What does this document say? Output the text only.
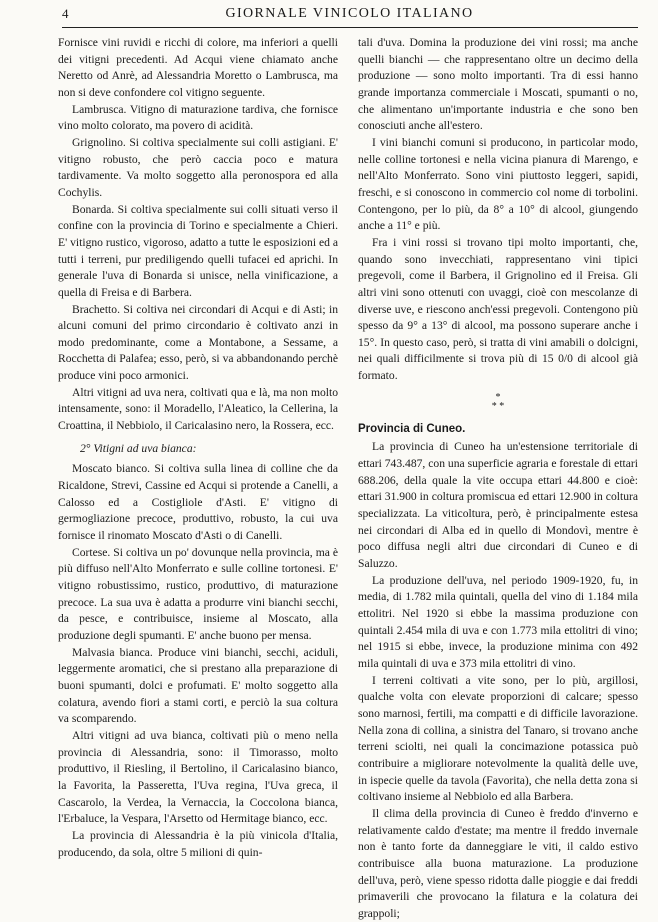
4	GIORNALE VINICOLO ITALIANO

Fornisce vini ruvidi e ricchi di colore, ma inferiori a quelli dei vitigni precedenti. Ad Acqui viene chiamato anche Neretto od Anrè, ad Alessandria Moretto o Lambrusca, ma non si deve confondere col vitigno seguente.

Lambrusca. Vitigno di maturazione tardiva, che fornisce vino molto colorato, ma povero di acidità.

Grignolino. Si coltiva specialmente sui colli astigiani. E' vitigno robusto, che però caccia poco e matura tardivamente. Va molto soggetto alla peronospora ed alla Cochylis.

Bonarda. Si coltiva specialmente sui colli situati verso il confine con la provincia di Torino e specialmente a Chieri. E' vitigno rustico, vigoroso, adatto a tutte le esposizioni ed a tutti i terreni, pur prediligendo quelli tufacei ed aprichi. In generale l'uva di Bonarda si unisce, nella vinificazione, a quella di Freisa e di Barbera.

Brachetto. Si coltiva nei circondari di Acqui e di Asti; in alcuni comuni del primo circondario è coltivato anzi in modo predominante, come a Montabone, a Sessame, a Rocchetta di Palafea; esso, però, si va abbandonando perchè produce vini poco armonici.

Altri vitigni ad uva nera, coltivati qua e là, ma non molto intensamente, sono: il Moradello, l'Aleatico, la Cellerina, la Croattina, il Nebbiolo, il Caricalasino nero, la Rossera, ecc.

2° Vitigni ad uva bianca:

Moscato bianco. Si coltiva sulla linea di colline che da Ricaldone, Strevi, Cassine ed Acqui si protende a Canelli, a Calosso ed a Costigliole d'Asti. E' vitigno di germogliazione precoce, produttivo, robusto, la cui uva fornisce il rinomato Moscato d'Asti o di Canelli.

Cortese. Si coltiva un po' dovunque nella provincia, ma è più diffuso nell'Alto Monferrato e sulle colline tortonesi. E' vitigno robustissimo, rustico, produttivo, di maturazione precoce. La sua uva è adatta a produrre vini bianchi secchi, da pesce, e contribuisce, insieme al Moscato, alla produzione degli spumanti. E' anche buono per mensa.

Malvasia bianca. Produce vini bianchi, secchi, aciduli, leggermente aromatici, che si prestano alla preparazione di buoni spumanti, dolci e profumati. E' molto soggetto alla colatura, avendo fiori a stami corti, e perciò la sua coltura va scomparendo.

Altri vitigni ad uva bianca, coltivati più o meno nella provincia di Alessandria, sono: il Timorasso, molto produttivo, il Riesling, il Bertolino, il Caricalasino bianco, la Favorita, la Passeretta, l'Uva regina, l'Uva greca, il Cascarolo, la Verdea, la Vernaccia, la Coccolona bianca, l'Erbaluce, la Vespara, l'Arsetto od Hermitage bianco, ecc.

La provincia di Alessandria è la più vinicola d'Italia, producendo, da sola, oltre 5 milioni di quin-

tali d'uva. Domina la produzione dei vini rossi; ma anche quelli bianchi — che rappresentano oltre un decimo della produzione — sono molto importanti. Tra di essi hanno grande importanza commerciale i Moscati, spumanti o no, che alimentano un'importante industria e che sono ben conosciuti anche all'estero.

I vini bianchi comuni si producono, in particolar modo, nelle colline tortonesi e nella vicina pianura di Marengo, e nell'Alto Monferrato. Sono vini piuttosto leggeri, sapidi, freschi, e si conoscono in commercio col nome di torbolini. Contengono, per lo più, da 8° a 10° di alcool, giungendo anche a 11° e più.

Fra i vini rossi si trovano tipi molto importanti, che, quando sono invecchiati, rappresentano vini tipici pregevoli, come il Barbera, il Grignolino ed il Freisa. Gli altri vini sono ottenuti con uvaggi, cioè con mescolanze di diverse uve, e riescono anch'essi pregevoli. Contengono più spesso da 9° a 13° di alcool, ma possono superare anche i 15°. In questo caso, però, si tratta di vini amabili o dolcigni, nei quali difficilmente si trova più di 15 0/0 di alcool già formato.

*
* *

Provincia di Cuneo.

La provincia di Cuneo ha un'estensione territoriale di ettari 743.487, con una superficie agraria e forestale di ettari 688.206, della quale la vite occupa ettari 44.800 e cioè: ettari 31.900 in coltura promiscua ed ettari 12.900 in coltura specializzata. La viticoltura, però, è principalmente estesa nei circondari di Alba ed in quello di Mondovì, mentre è poco diffusa negli altri due circondari di Cuneo e di Saluzzo.

La produzione dell'uva, nel periodo 1909-1920, fu, in media, di 1.782 mila quintali, quella del vino di 1.184 mila ettolitri. Nel 1920 si ebbe la massima produzione con quintali 2.454 mila di uva e con 1.773 mila ettolitri di vino; nel 1915 si ebbe, invece, la produzione minima con 492 mila quintali di uva e 373 mila ettolitri di vino.

I terreni coltivati a vite sono, per lo più, argillosi, qualche volta con elevate proporzioni di calcare; spesso sono marnosi, fertili, ma compatti e di difficile lavorazione. Nella zona di collina, a sinistra del Tanaro, si trovano anche terreni sciolti, nei quali la concimazione potassica può contribuire a migliorare notevolmente la qualità delle uve, in ispecie quelle da tavola (Favorita), che nella detta zona si coltivano insieme al Nebbiolo ed alla Barbera.

Il clima della provincia di Cuneo è freddo d'inverno e relativamente caldo d'estate; ma mentre il freddo invernale non è tanto forte da danneggiare le viti, il caldo estivo contribuisce alla buona maturazione. La produzione dell'uva, però, viene spesso ridotta dalle pioggie e dai freddi primaverili che provocano la filatura e la colatura dei grappoli;
